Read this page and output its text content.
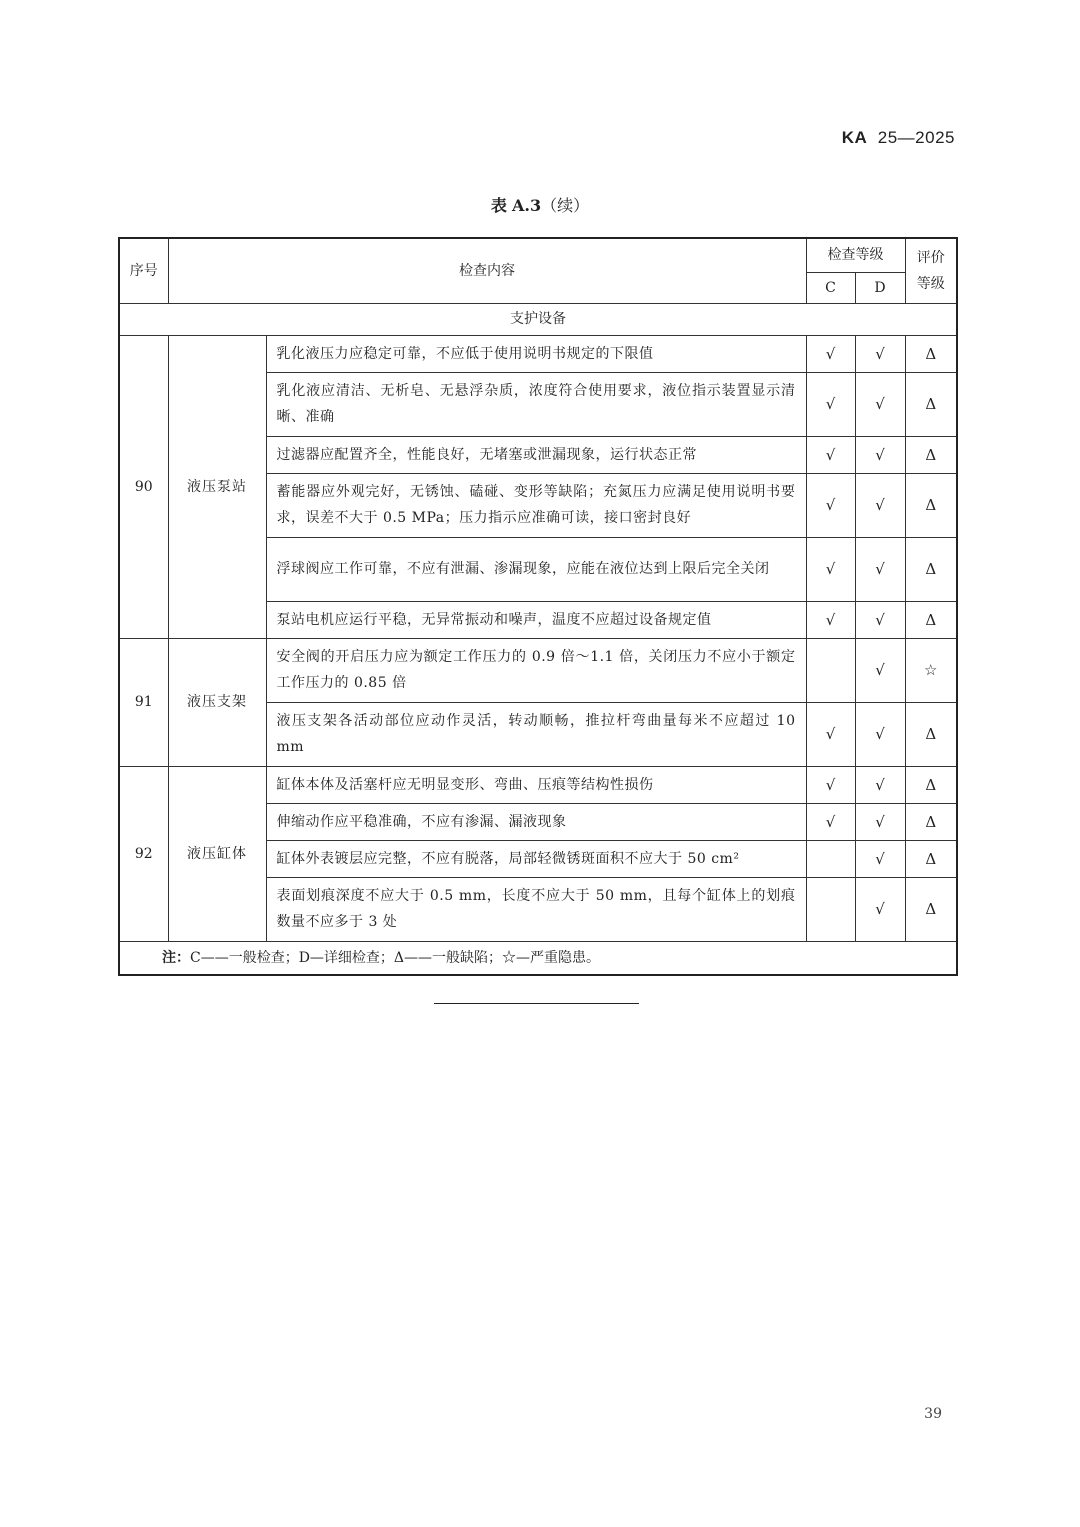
KA 25—2025
表 A.3（续）
序号	检查内容		检查等级		评价
等级
			C	D	
支护设备					
90	液压泵站	乳化液压力应稳定可靠，不应低于使用说明书规定的下限值	√	√	Δ
		乳化液应清洁、无析皂、无悬浮杂质，浓度符合使用要求，液位指示装置显示清晰、准确	√	√	Δ
		过滤器应配置齐全，性能良好，无堵塞或泄漏现象，运行状态正常	√	√	Δ
		蓄能器应外观完好，无锈蚀、磕碰、变形等缺陷；充氮压力应满足使用说明书要求，误差不大于 0.5 MPa；压力指示应准确可读，接口密封良好	√	√	Δ
		浮球阀应工作可靠，不应有泄漏、渗漏现象，应能在液位达到上限后完全关闭	√	√	Δ
		泵站电机应运行平稳，无异常振动和噪声，温度不应超过设备规定值	√	√	Δ
91	液压支架	安全阀的开启压力应为额定工作压力的 0.9 倍～1.1 倍，关闭压力不应小于额定工作压力的 0.85 倍		√	☆
		液压支架各活动部位应动作灵活，转动顺畅，推拉杆弯曲量每米不应超过 10 mm	√	√	Δ
92	液压缸体	缸体本体及活塞杆应无明显变形、弯曲、压痕等结构性损伤	√	√	Δ
		伸缩动作应平稳准确，不应有渗漏、漏液现象	√	√	Δ
		缸体外表镀层应完整，不应有脱落，局部轻微锈斑面积不应大于 50 cm²		√	Δ
		表面划痕深度不应大于 0.5 mm，长度不应大于 50 mm，且每个缸体上的划痕数量不应多于 3 处		√	Δ
注：C——一般检查；D—详细检查；Δ——一般缺陷；☆—严重隐患。					
39
